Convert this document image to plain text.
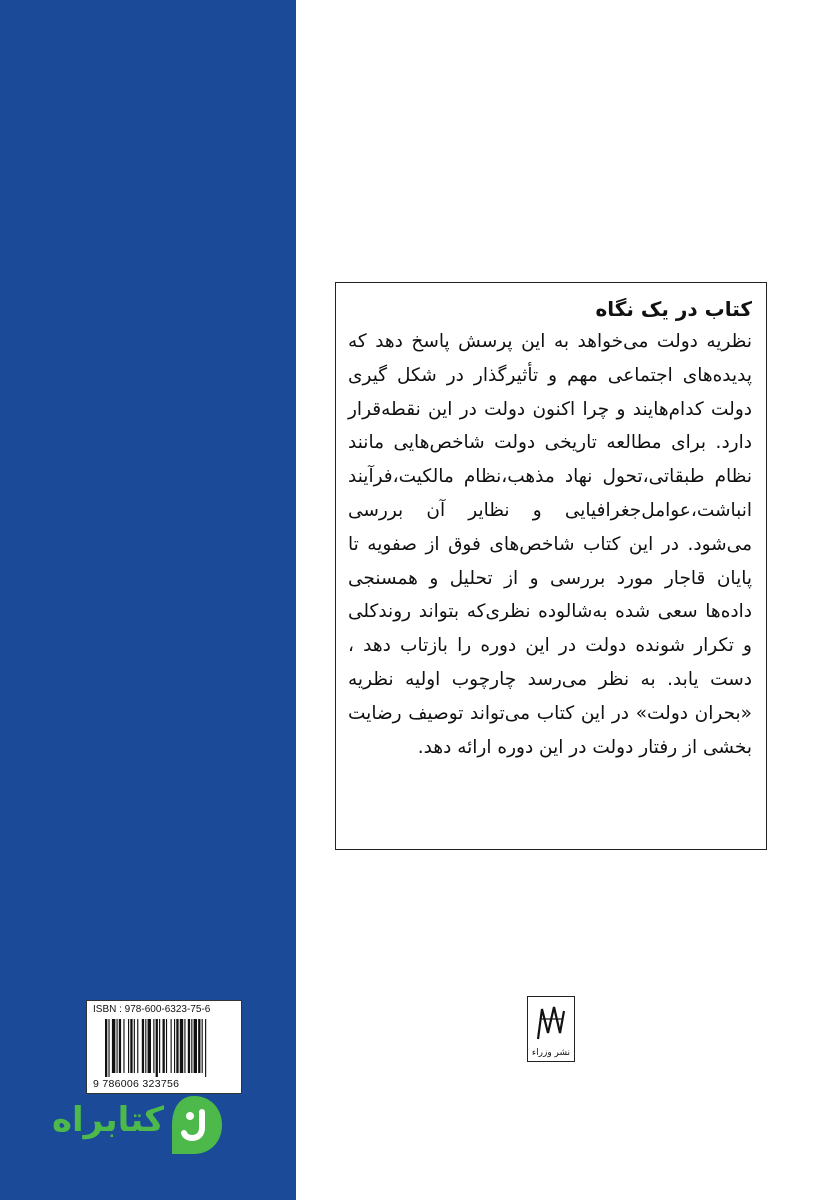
کتاب در یک نگاه
نظریه دولت می‌خواهد به این پرسش پاسخ دهد که پدیده‌های اجتماعی مهم و تأثیرگذار در شکل گیری دولت کدام‌هایند و چرا اکنون دولت در این نقطه‌قرار دارد. برای مطالعه تاریخی دولت شاخص‌هایی مانند نظام طبقاتی،تحول نهاد مذهب،نظام مالکیت،فرآیند انباشت،عوامل‌جغرافیایی و نظایر آن بررسی می‌شود. در این کتاب شاخص‌های فوق از صفویه تا پایان قاجار مورد بررسی و از تحلیل و همسنجی داده‌ها سعی شده به‌شالوده نظری‌که بتواند روندکلی و تکرار شونده دولت در این دوره را بازتاب دهد ، دست یابد. به نظر می‌رسد چارچوب اولیه نظریه «بحران دولت» در این کتاب می‌تواند توصیف رضایت بخشی از رفتار دولت در این دوره ارائه دهد.
ISBN : 978-600-6323-75-6
9 786006 323756
نشر وزراء
کتابراه
